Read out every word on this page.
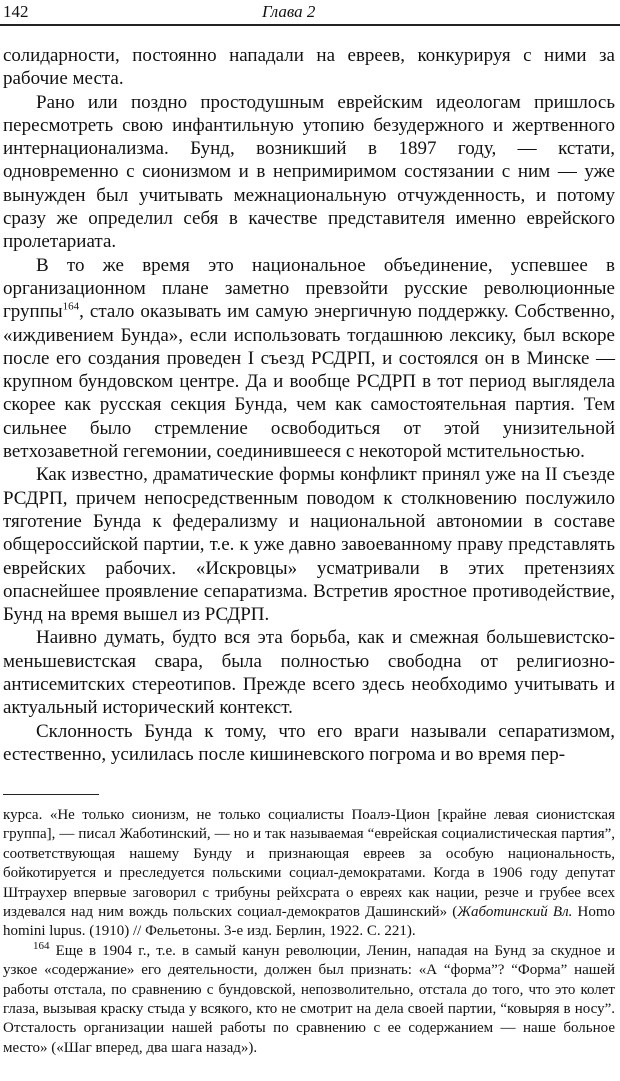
142	Глава 2

солидарности, постоянно нападали на евреев, конкурируя с ними за рабочие места.

Рано или поздно простодушным еврейским идеологам пришлось пересмотреть свою инфантильную утопию безудержного и жертвенного интернационализма. Бунд, возникший в 1897 году, — кстати, одновременно с сионизмом и в непримиримом состязании с ним — уже вынужден был учитывать межнациональную отчужденность, и потому сразу же определил себя в качестве представителя именно еврейского пролетариата.

В то же время это национальное объединение, успевшее в организационном плане заметно превзойти русские революционные группы$^{164}$, стало оказывать им самую энергичную поддержку. Собственно, «иждивением Бунда», если использовать тогдашнюю лексику, был вскоре после его создания проведен I съезд РСДРП, и состоялся он в Минске — крупном бундовском центре. Да и вообще РСДРП в тот период выглядела скорее как русская секция Бунда, чем как самостоятельная партия. Тем сильнее было стремление освободиться от этой унизительной ветхозаветной гегемонии, соединившееся с некоторой мстительностью.

Как известно, драматические формы конфликт принял уже на II съезде РСДРП, причем непосредственным поводом к столкновению послужило тяготение Бунда к федерализму и национальной автономии в составе общероссийской партии, т.е. к уже давно завоеванному праву представлять еврейских рабочих. «Искровцы» усматривали в этих претензиях опаснейшее проявление сепаратизма. Встретив яростное противодействие, Бунд на время вышел из РСДРП.

Наивно думать, будто вся эта борьба, как и смежная большевистско-меньшевистская свара, была полностью свободна от религиозно-антисемитских стереотипов. Прежде всего здесь необходимо учитывать и актуальный исторический контекст.

Склонность Бунда к тому, что его враги называли сепаратизмом, естественно, усилилась после кишиневского погрома и во время пер-

курса. «Не только сионизм, не только социалисты Поалэ-Цион [крайне левая сионистская группа], — писал Жаботинский, — но и так называемая “еврейская социалистическая партия”, соответствующая нашему Бунду и признающая евреев за особую национальность, бойкотируется и преследуется польскими социал-демократами. Когда в 1906 году депутат Штраухер впервые заговорил с трибуны рейхсрата о евреях как нации, резче и грубее всех издевался над ним вождь польских социал-демократов Дашинский» (Жаботинский Вл. Homo homini lupus. (1910) // Фельетоны. 3-е изд. Берлин, 1922. С. 221).

$^{164}$ Еще в 1904 г., т.е. в самый канун революции, Ленин, нападая на Бунд за скудное и узкое «содержание» его деятельности, должен был признать: «А “форма”? “Форма” нашей работы отстала, по сравнению с бундовской, непозволительно, отстала до того, что это колет глаза, вызывая краску стыда у всякого, кто не смотрит на дела своей партии, “ковыряя в носу”. Отсталость организации нашей работы по сравнению с ее содержанием — наше больное место» («Шаг вперед, два шага назад»).
